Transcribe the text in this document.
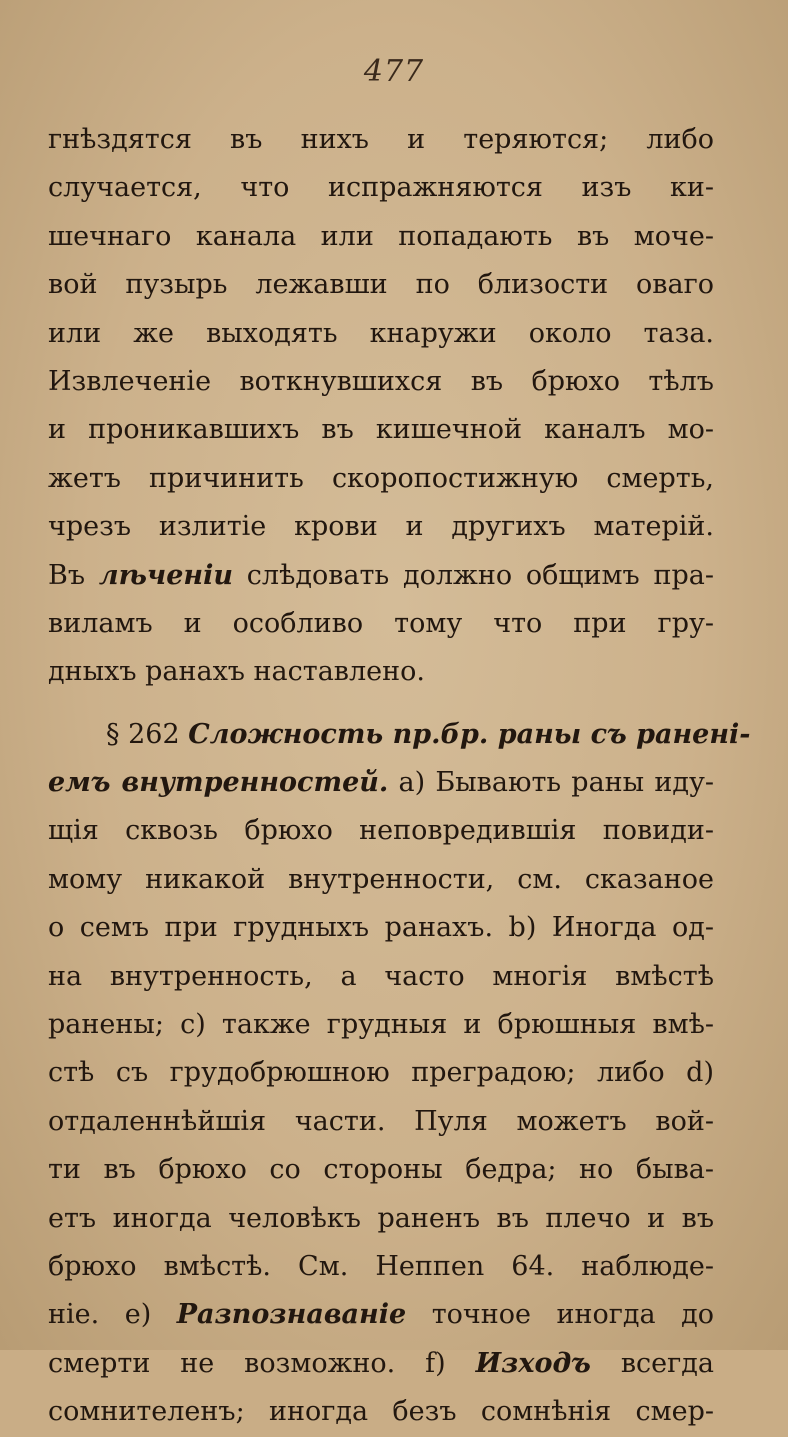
477
гнѣздятся въ нихъ и теряются; либо
случается, что испражняются изъ ки-
шечнаго канала или попадають въ моче-
вой пузырь лежавши по близости оваго
или же выходять кнаружи около таза.
Извлеченіе воткнувшихся въ брюхо тѣлъ
и проникавшихъ въ кишечной каналъ мо-
жетъ причинить скоропостижную смерть,
чрезъ излитіе крови и другихъ матерій.
Въ лѣченіи слѣдовать должно общимъ пра-
виламъ и особливо тому что при гру-
дныхъ ранахъ наставлено.
§ 262 Сложность пр.бр. раны съ раненi-
емъ внутренностей. а) Бывають раны иду-
щія сквозь брюхо неповредившія повиди-
мому никакой внутренности, см. сказаное
о семъ при грудныхъ ранахъ. b) Иногда од-
на внутренность, а часто многія вмѣстѣ
ранены; с) также грудныя и брюшныя вмѣ-
стѣ съ грудобрюшною преградою; либо d)
отдаленнѣйшія части. Пуля можетъ вой-
ти въ брюхо со стороны бедра; но быва-
етъ иногда человѣкъ раненъ въ плечо и въ
брюхо вмѣстѣ. См. Heппen 64. наблюде-
ніе. е) Разпознаваніе точное иногда до
смерти не возможно. f) Изходъ всегда
сомнителенъ; иногда безъ сомнѣнія смер-
